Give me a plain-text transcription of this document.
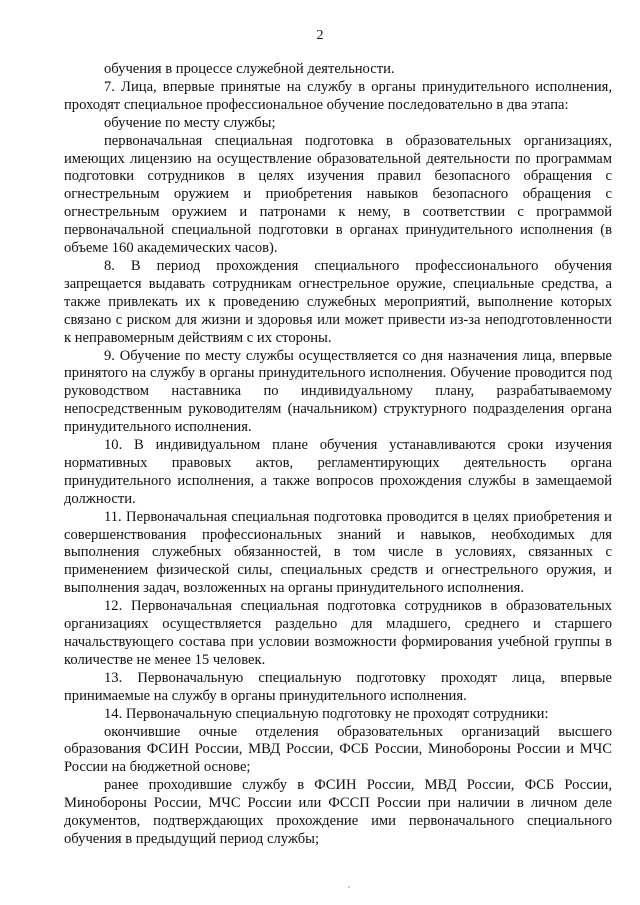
2

обучения в процессе служебной деятельности.

7. Лица, впервые принятые на службу в органы принудительного исполнения, проходят специальное профессиональное обучение последовательно в два этапа:

обучение по месту службы;

первоначальная специальная подготовка в образовательных организациях, имеющих лицензию на осуществление образовательной деятельности по программам подготовки сотрудников в целях изучения правил безопасного обращения с огнестрельным оружием и приобретения навыков безопасного обращения с огнестрельным оружием и патронами к нему, в соответствии с программой первоначальной специальной подготовки в органах принудительного исполнения (в объеме 160 академических часов).

8. В период прохождения специального профессионального обучения запрещается выдавать сотрудникам огнестрельное оружие, специальные средства, а также привлекать их к проведению служебных мероприятий, выполнение которых связано с риском для жизни и здоровья или может привести из-за неподготовленности к неправомерным действиям с их стороны.

9. Обучение по месту службы осуществляется со дня назначения лица, впервые принятого на службу в органы принудительного исполнения. Обучение проводится под руководством наставника по индивидуальному плану, разрабатываемому непосредственным руководителям (начальником) структурного подразделения органа принудительного исполнения.

10. В индивидуальном плане обучения устанавливаются сроки изучения нормативных правовых актов, регламентирующих деятельность органа принудительного исполнения, а также вопросов прохождения службы в замещаемой должности.

11. Первоначальная специальная подготовка проводится в целях приобретения и совершенствования профессиональных знаний и навыков, необходимых для выполнения служебных обязанностей, в том числе в условиях, связанных с применением физической силы, специальных средств и огнестрельного оружия, и выполнения задач, возложенных на органы принудительного исполнения.

12. Первоначальная специальная подготовка сотрудников в образовательных организациях осуществляется раздельно для младшего, среднего и старшего начальствующего состава при условии возможности формирования учебной группы в количестве не менее 15 человек.

13. Первоначальную специальную подготовку проходят лица, впервые принимаемые на службу в органы принудительного исполнения.

14. Первоначальную специальную подготовку не проходят сотрудники:

окончившие очные отделения образовательных организаций высшего образования ФСИН России, МВД России, ФСБ России, Минобороны России и МЧС России на бюджетной основе;

ранее проходившие службу в ФСИН России, МВД России, ФСБ России, Минобороны России, МЧС России или ФССП России при наличии в личном деле документов, подтверждающих прохождение ими первоначального специального обучения в предыдущий период службы;
